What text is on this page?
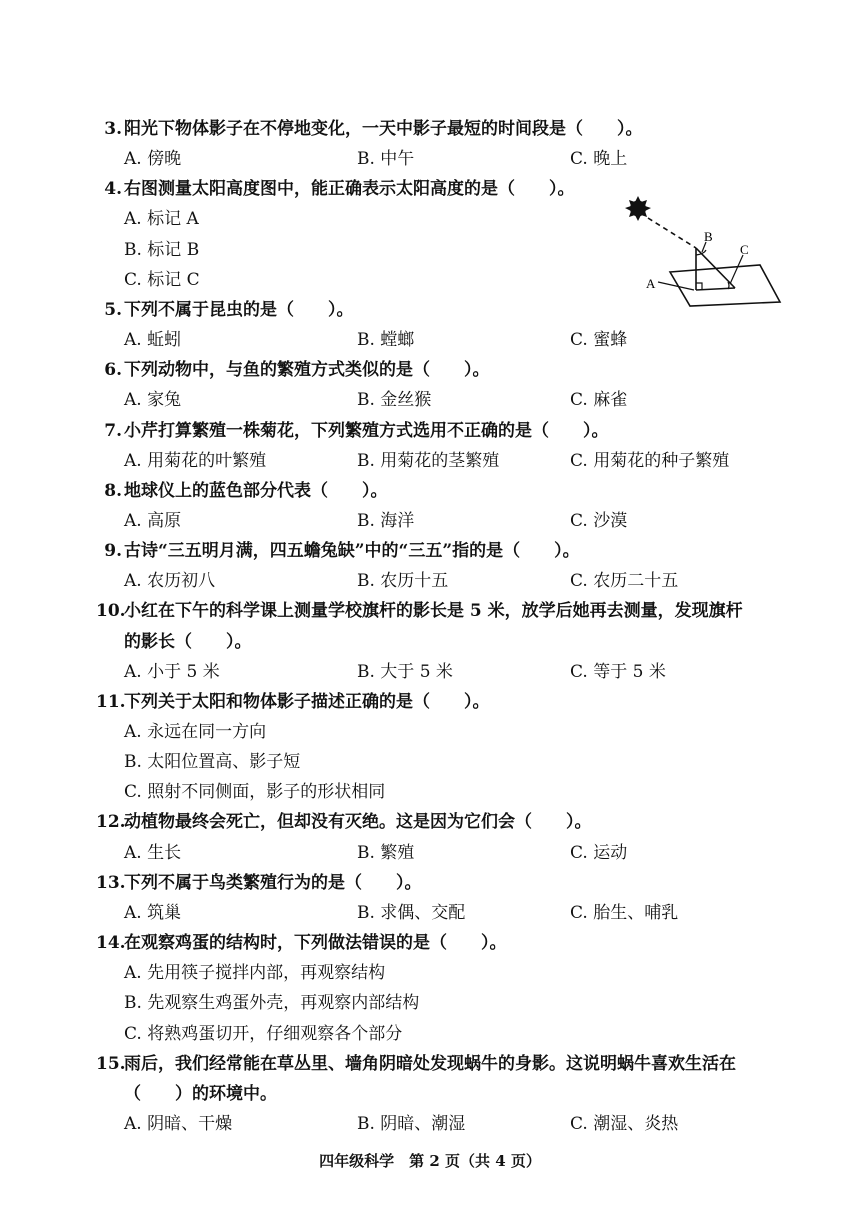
3. 阳光下物体影子在不停地变化，一天中影子最短的时间段是（　　）。
A. 傍晚	B. 中午	C. 晚上
4. 右图测量太阳高度图中，能正确表示太阳高度的是（　　）。
A. 标记 A
B. 标记 B
C. 标记 C
5. 下列不属于昆虫的是（　　）。
A. 蚯蚓	B. 螳螂	C. 蜜蜂
6. 下列动物中，与鱼的繁殖方式类似的是（　　）。
A. 家兔	B. 金丝猴	C. 麻雀
7. 小芹打算繁殖一株菊花，下列繁殖方式选用不正确的是（　　）。
A. 用菊花的叶繁殖	B. 用菊花的茎繁殖	C. 用菊花的种子繁殖
8. 地球仪上的蓝色部分代表（　　）。
A. 高原	B. 海洋	C. 沙漠
9. 古诗“三五明月满，四五蟾兔缺”中的“三五”指的是（　　）。
A. 农历初八	B. 农历十五	C. 农历二十五
10.
小红在下午的科学课上测量学校旗杆的影长是 5 米，放学后她再去测量，发现旗杆
的影长（　　）。
A. 小于 5 米	B. 大于 5 米	C. 等于 5 米
11.
下列关于太阳和物体影子描述正确的是（　　）。
A. 永远在同一方向
B. 太阳位置高、影子短
C. 照射不同侧面，影子的形状相同
12.
动植物最终会死亡，但却没有灭绝。这是因为它们会（　　）。
A. 生长	B. 繁殖	C. 运动
13.
下列不属于鸟类繁殖行为的是（　　）。
A. 筑巢	B. 求偶、交配	C. 胎生、哺乳
14.
在观察鸡蛋的结构时，下列做法错误的是（　　）。
A. 先用筷子搅拌内部，再观察结构
B. 先观察生鸡蛋外壳，再观察内部结构
C. 将熟鸡蛋切开，仔细观察各个部分
15.
雨后，我们经常能在草丛里、墙角阴暗处发现蜗牛的身影。这说明蜗牛喜欢生活在
（　　）的环境中。
A. 阴暗、干燥	B. 阴暗、潮湿	C. 潮湿、炎热
A
B
C
四年级科学　第 2 页（共 4 页）
